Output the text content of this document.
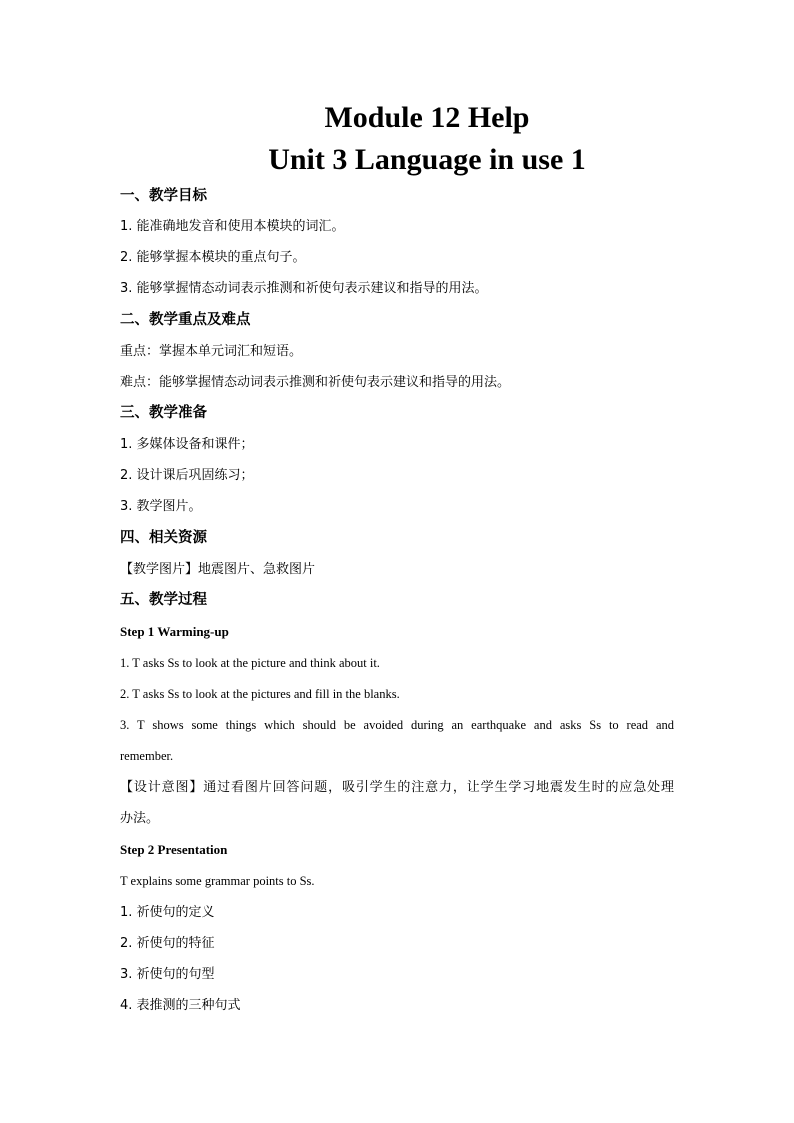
Module 12 Help
Unit 3 Language in use 1
一、教学目标
1. 能准确地发音和使用本模块的词汇。
2. 能够掌握本模块的重点句子。
3. 能够掌握情态动词表示推测和祈使句表示建议和指导的用法。
二、教学重点及难点
重点：掌握本单元词汇和短语。
难点：能够掌握情态动词表示推测和祈使句表示建议和指导的用法。
三、教学准备
1. 多媒体设备和课件；
2. 设计课后巩固练习；
3. 教学图片。
四、相关资源
【教学图片】地震图片、急救图片
五、教学过程
Step 1 Warming-up
1. T asks Ss to look at the picture and think about it.
2. T asks Ss to look at the pictures and fill in the blanks.
3. T shows some things which should be avoided during an earthquake and asks Ss to read and
remember.
【设计意图】通过看图片回答问题，吸引学生的注意力，让学生学习地震发生时的应急处理
办法。
Step 2 Presentation
T explains some grammar points to Ss.
1. 祈使句的定义
2. 祈使句的特征
3. 祈使句的句型
4. 表推测的三种句式
